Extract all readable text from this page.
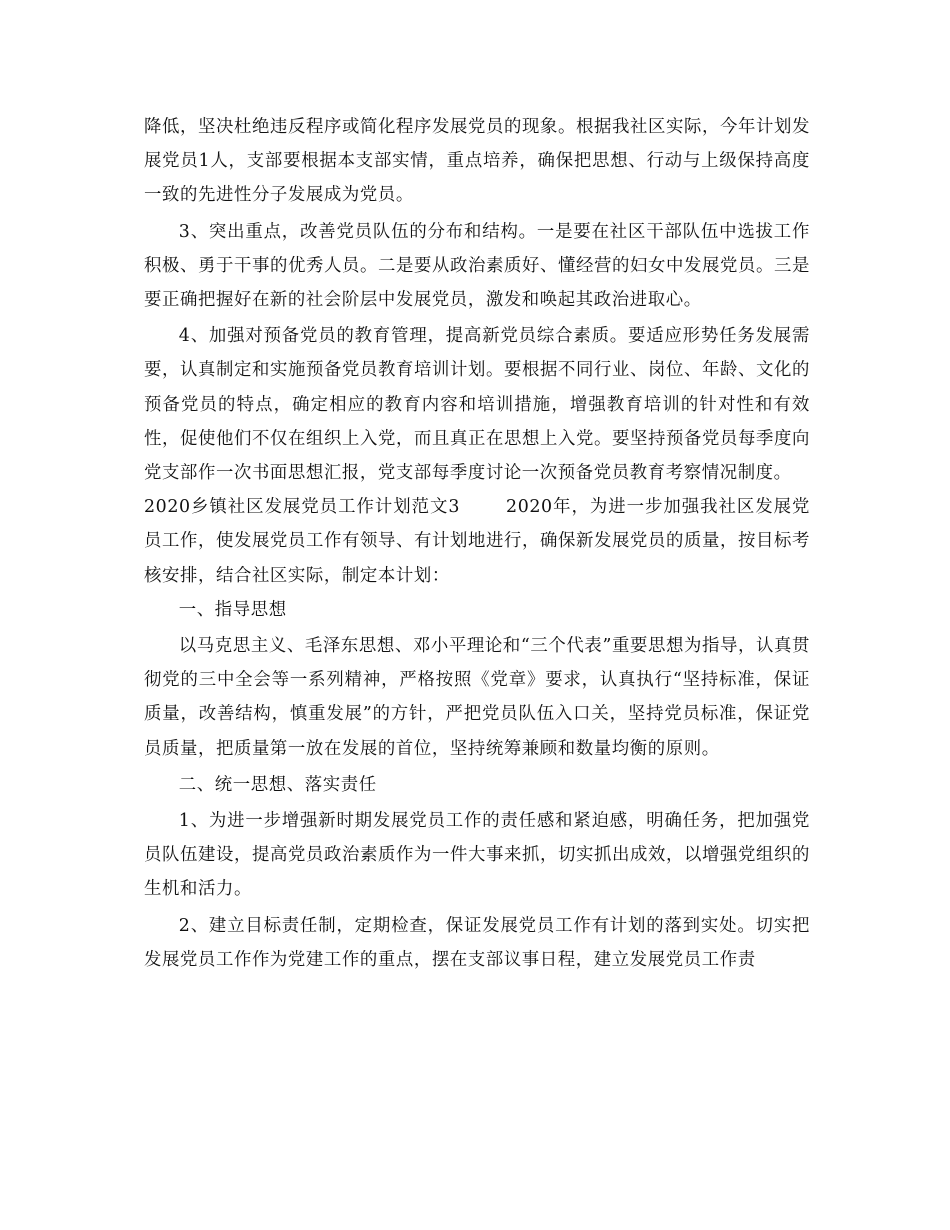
降低，坚决杜绝违反程序或简化程序发展党员的现象。根据我社区实际，今年计划发展党员1人，支部要根据本支部实情，重点培养，确保把思想、行动与上级保持高度一致的先进性分子发展成为党员。

3、突出重点，改善党员队伍的分布和结构。一是要在社区干部队伍中选拔工作积极、勇于干事的优秀人员。二是要从政治素质好、懂经营的妇女中发展党员。三是要正确把握好在新的社会阶层中发展党员，激发和唤起其政治进取心。

4、加强对预备党员的教育管理，提高新党员综合素质。要适应形势任务发展需要，认真制定和实施预备党员教育培训计划。要根据不同行业、岗位、年龄、文化的预备党员的特点，确定相应的教育内容和培训措施，增强教育培训的针对性和有效性，促使他们不仅在组织上入党，而且真正在思想上入党。要坚持预备党员每季度向党支部作一次书面思想汇报，党支部每季度讨论一次预备党员教育考察情况制度。

2020乡镇社区发展党员工作计划范文3	2020年，为进一步加强我社区发展党员工作，使发展党员工作有领导、有计划地进行，确保新发展党员的质量，按目标考核安排，结合社区实际，制定本计划：

一、指导思想

以马克思主义、毛泽东思想、邓小平理论和“三个代表”重要思想为指导，认真贯彻党的三中全会等一系列精神，严格按照《党章》要求，认真执行“坚持标准，保证质量，改善结构，慎重发展”的方针，严把党员队伍入口关，坚持党员标准，保证党员质量，把质量第一放在发展的首位，坚持统筹兼顾和数量均衡的原则。

二、统一思想、落实责任

1、为进一步增强新时期发展党员工作的责任感和紧迫感，明确任务，把加强党员队伍建设，提高党员政治素质作为一件大事来抓，切实抓出成效，以增强党组织的生机和活力。

2、建立目标责任制，定期检查，保证发展党员工作有计划的落到实处。切实把发展党员工作作为党建工作的重点，摆在支部议事日程，建立发展党员工作责
